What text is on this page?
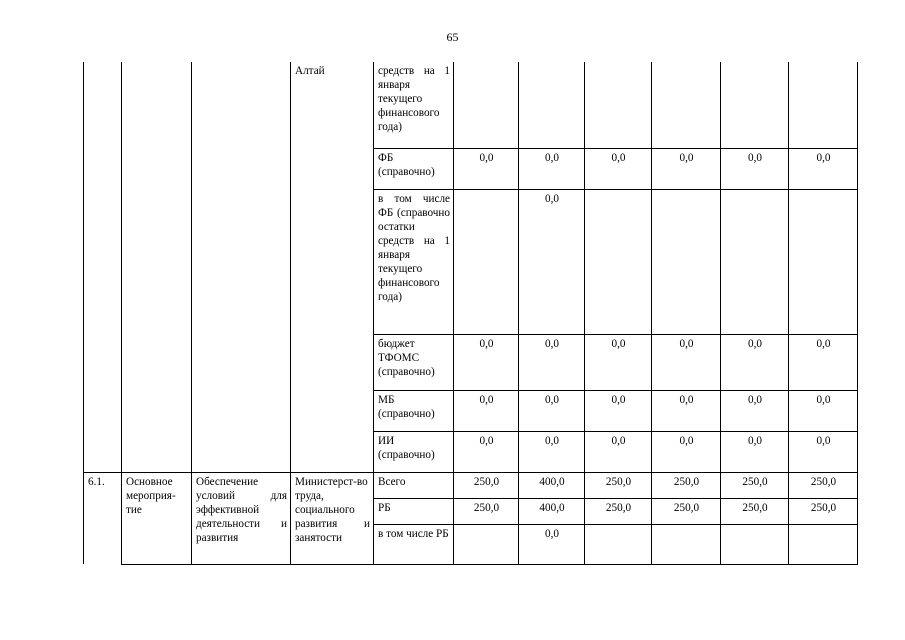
65
			Алтай	средств на 1 января текущего финансового года)						
				ФБ (справочно)	0,0	0,0	0,0	0,0	0,0	0,0
				в том числе ФБ (справочно остатки средств на 1 января текущего финансового года)		0,0				
				бюджет ТФОМС (справочно)	0,0	0,0	0,0	0,0	0,0	0,0
				МБ (справочно)	0,0	0,0	0,0	0,0	0,0	0,0
				ИИ (справочно)	0,0	0,0	0,0	0,0	0,0	0,0
6.1.	Основное мероприя-тие	Обеспечение условий для эффективной деятельности и развития	Министерст-во труда, социального развития и занятости	Всего	250,0	400,0	250,0	250,0	250,0	250,0
				РБ	250,0	400,0	250,0	250,0	250,0	250,0
				в том числе РБ		0,0				
